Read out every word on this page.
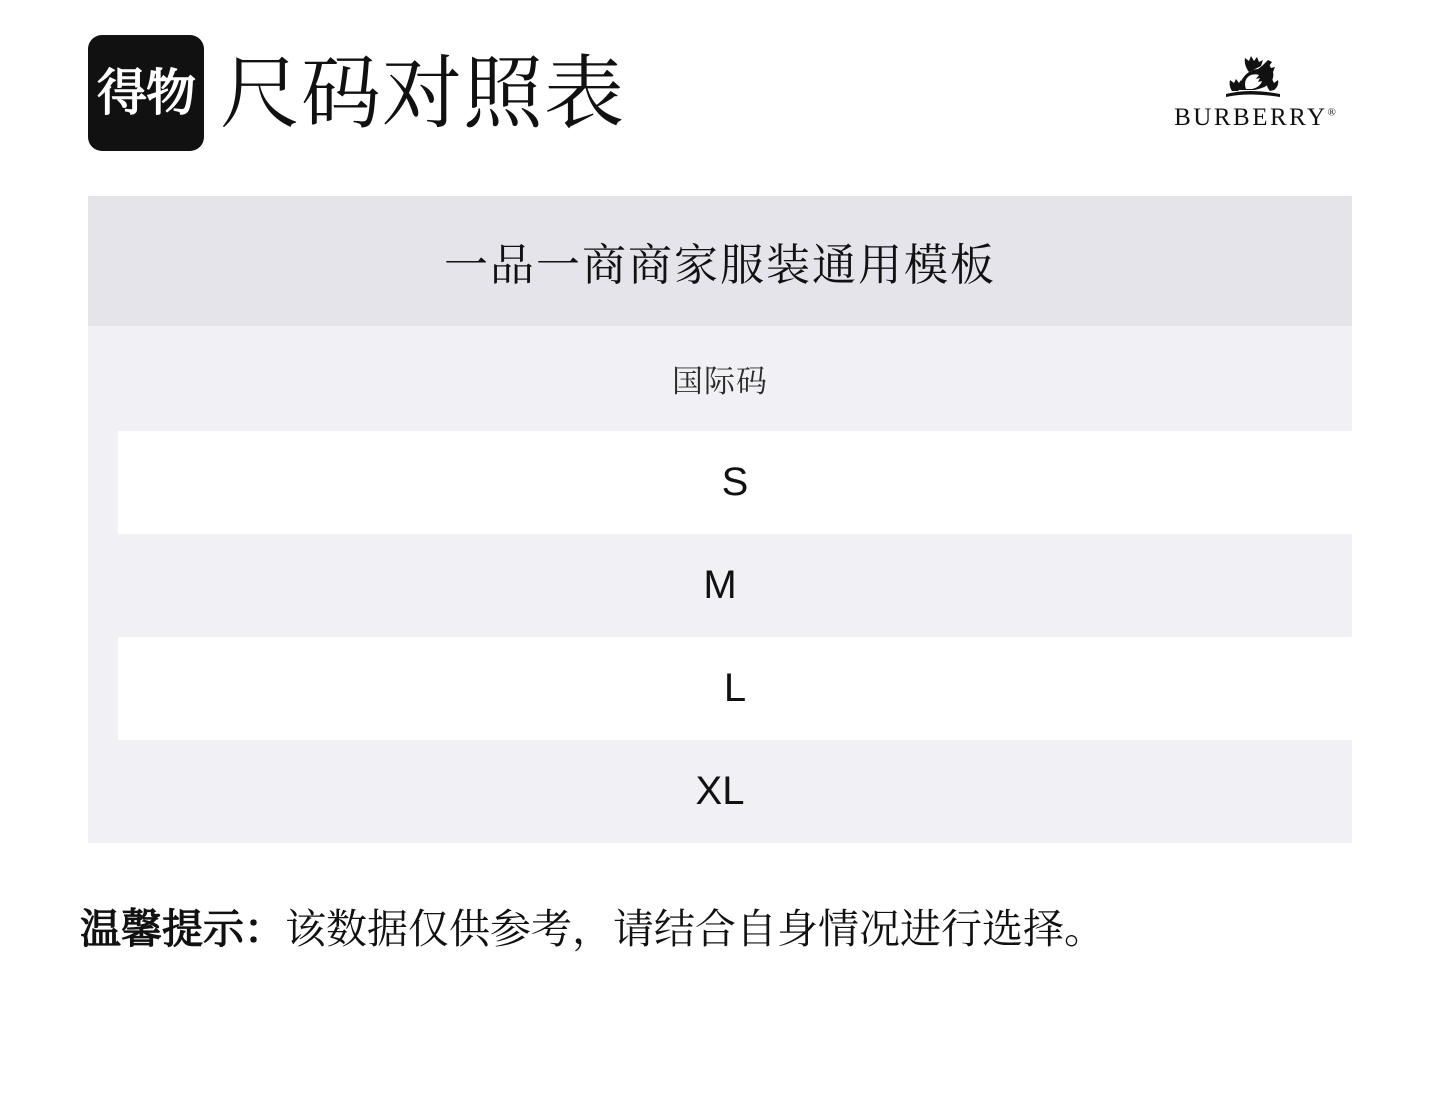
得物 尺码对照表	BURBERRY®
一品一商商家服装通用模板
国际码
S
M
L
XL
温馨提示：该数据仅供参考，请结合自身情况进行选择。
